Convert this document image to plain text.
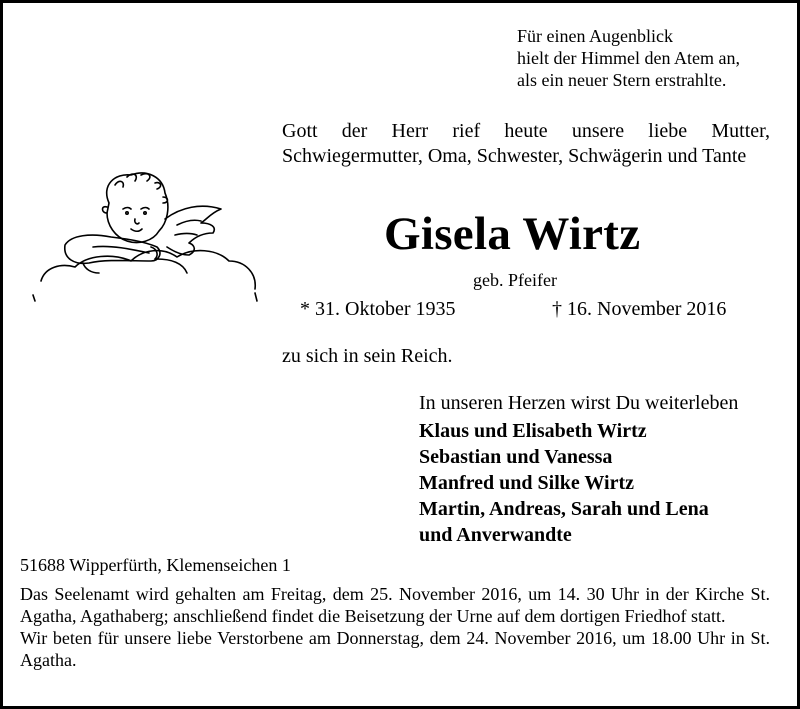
Für einen Augenblick
hielt der Himmel den Atem an,
als ein neuer Stern erstrahlte.
Gott der Herr rief heute unsere liebe Mutter, Schwiegermutter, Oma, Schwester, Schwägerin und Tante
Gisela Wirtz
geb. Pfeifer
* 31. Oktober 1935	† 16. November 2016
zu sich in sein Reich.
In unseren Herzen wirst Du weiterleben
Klaus und Elisabeth Wirtz
Sebastian und Vanessa
Manfred und Silke Wirtz
Martin, Andreas, Sarah und Lena
und Anverwandte
51688 Wipperfürth, Klemenseichen 1

Das Seelenamt wird gehalten am Freitag, dem 25. November 2016, um 14. 30 Uhr in der Kirche St. Agatha, Agathaberg; anschließend findet die Beisetzung der Urne auf dem dortigen Friedhof statt.

Wir beten für unsere liebe Verstorbene am Donnerstag, dem 24. November 2016, um 18.00 Uhr in St. Agatha.
